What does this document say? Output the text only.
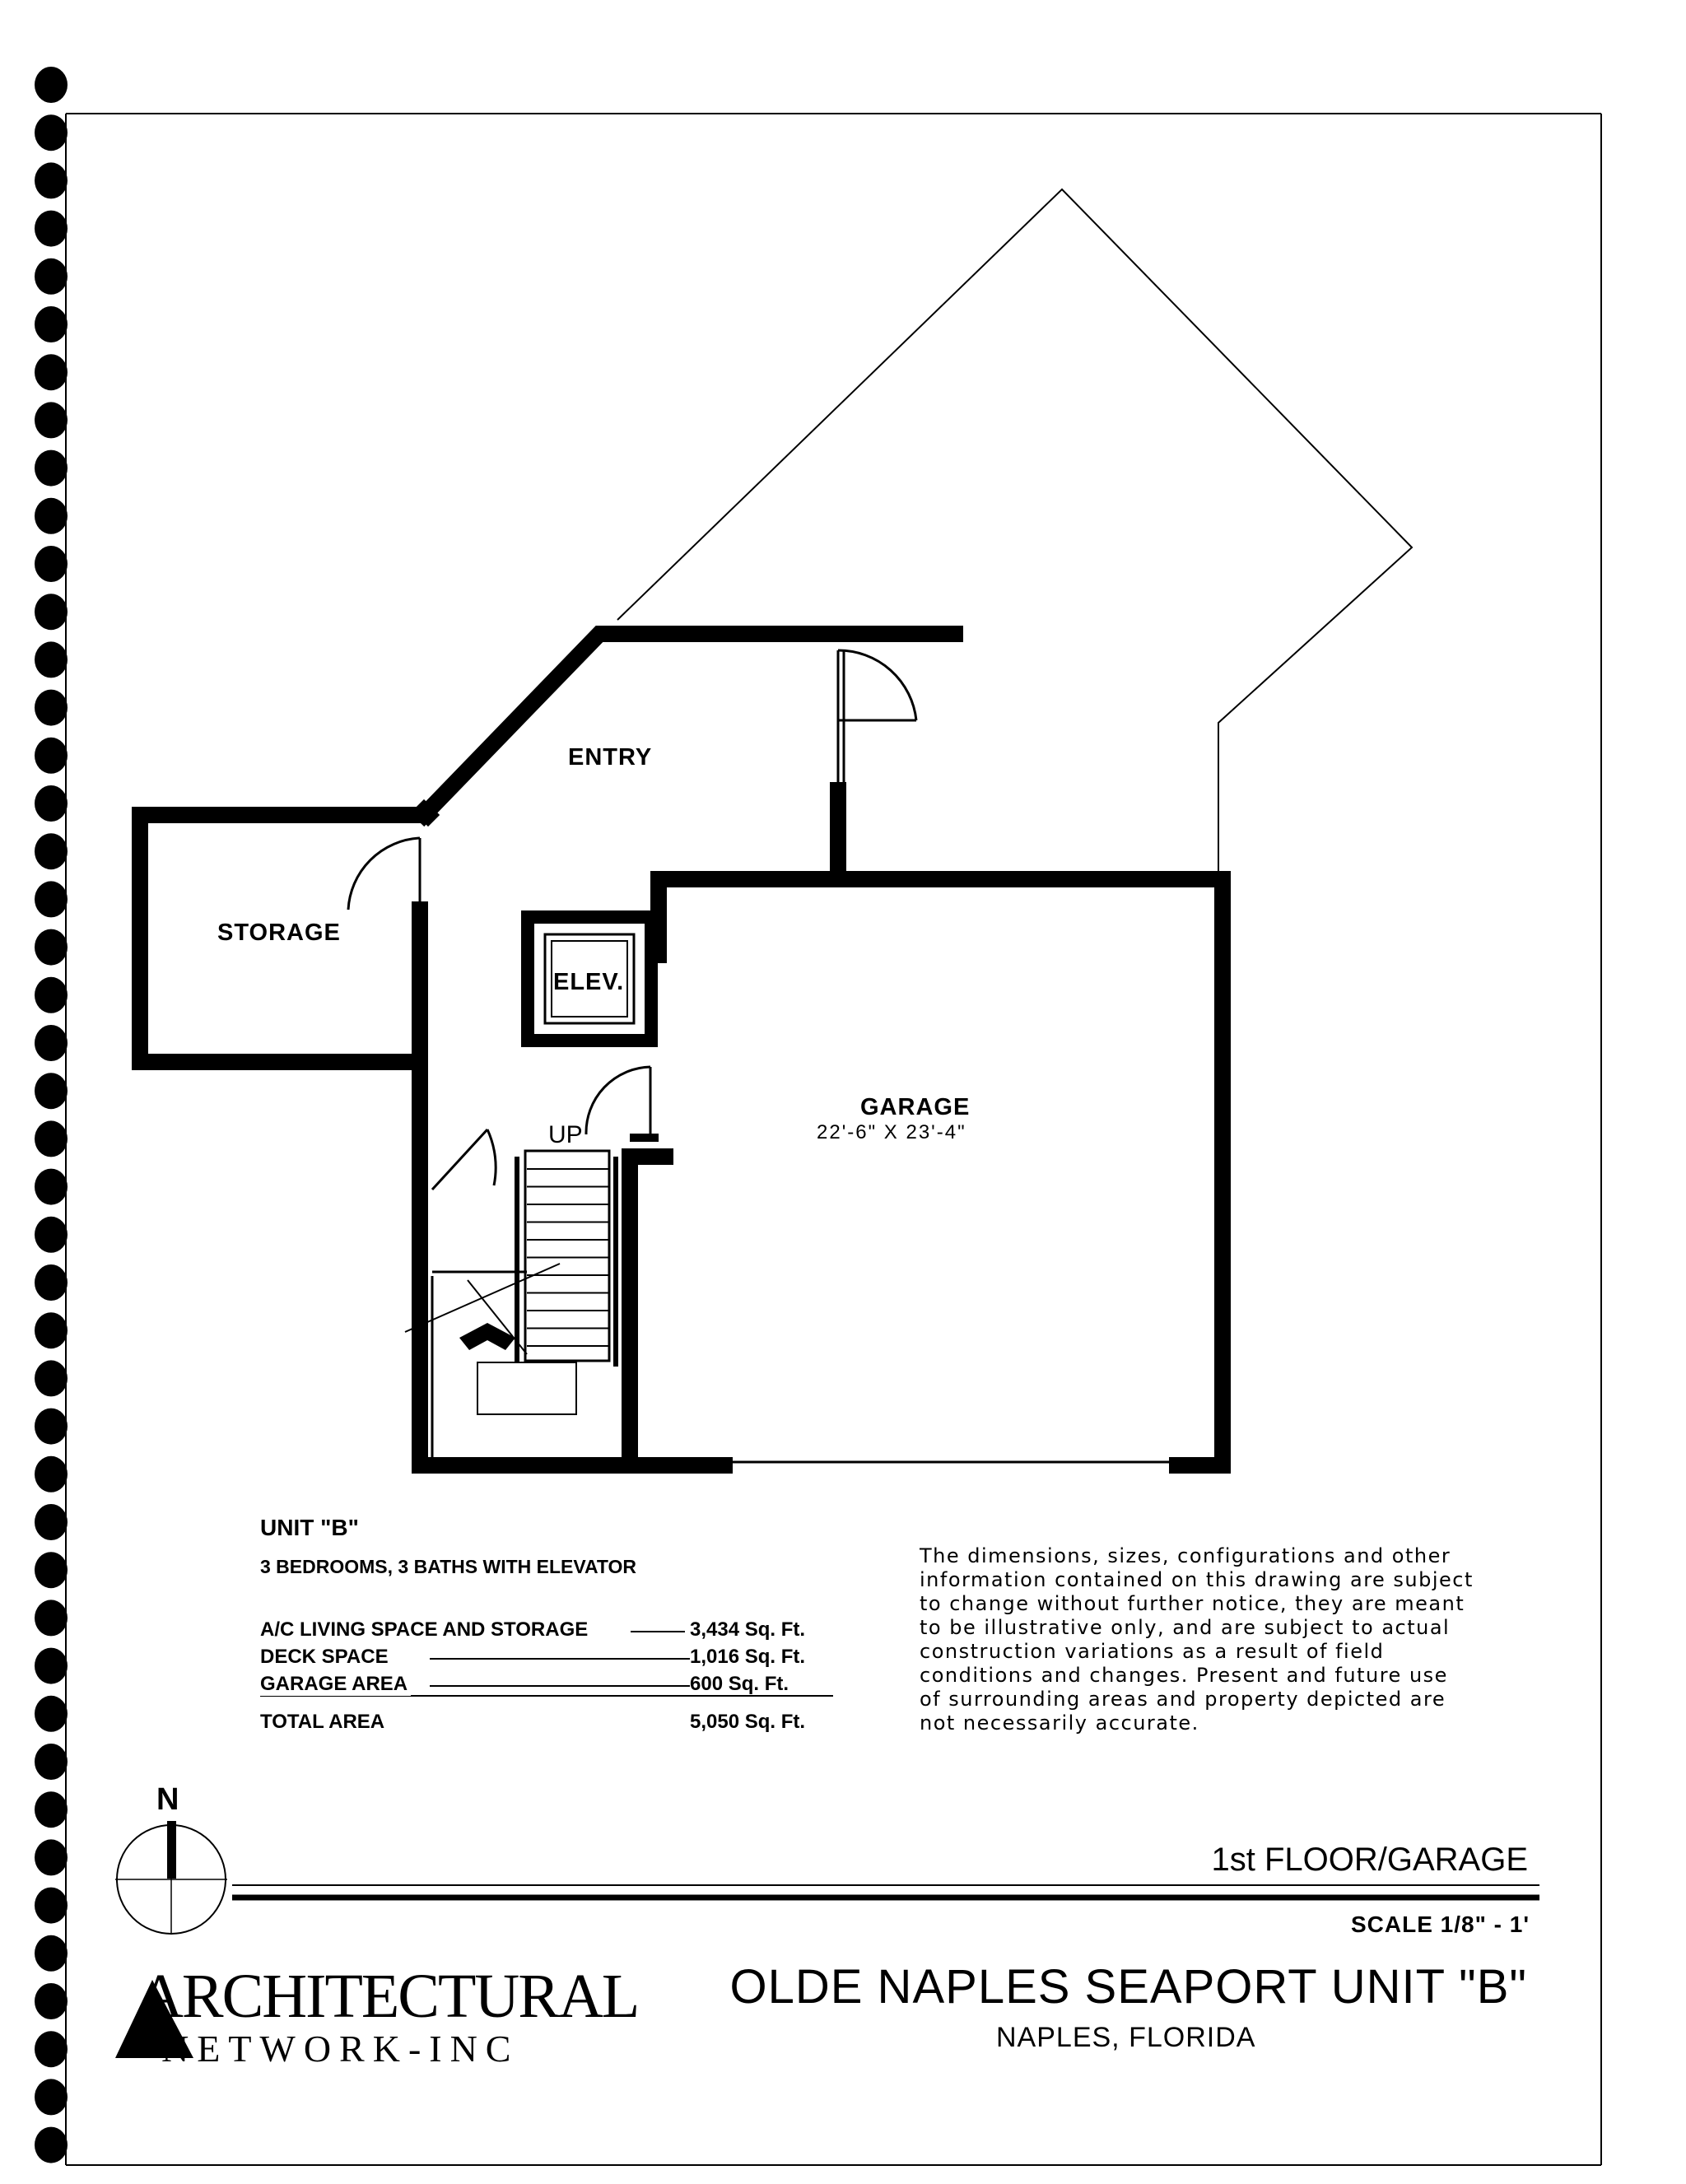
ENTRY
STORAGE
ELEV.
GARAGE
22'-6" X 23'-4"
UP
UNIT "B"
3 BEDROOMS, 3 BATHS WITH ELEVATOR
A/C LIVING SPACE AND STORAGE	3,434 Sq. Ft.
DECK SPACE	1,016 Sq. Ft.
GARAGE AREA	600 Sq. Ft.
TOTAL AREA	5,050 Sq. Ft.
The dimensions, sizes, configurations and other
information contained on this drawing are subject
to change without further notice, they are meant
to be illustrative only, and are subject to actual
construction variations as a result of field
conditions and changes. Present and future use
of surrounding areas and property depicted are
not necessarily accurate.
N
1st FLOOR/GARAGE
SCALE 1/8" - 1'
OLDE NAPLES SEAPORT UNIT "B"
NAPLES, FLORIDA
ARCHITECTURAL
NETWORK-INC
